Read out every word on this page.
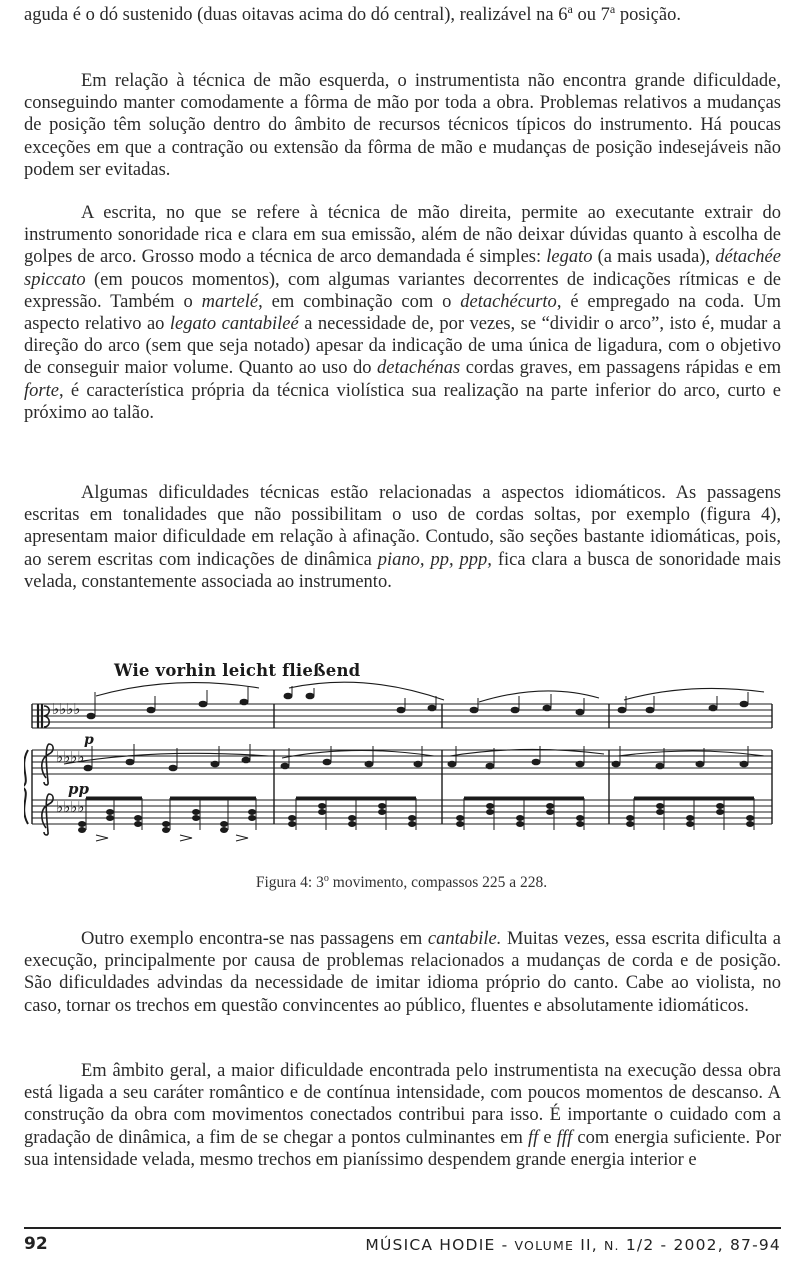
aguda é o dó sustenido (duas oitavas acima do dó central), realizável na 6$^a$ ou 7$^a$ posição.

Em relação à técnica de mão esquerda, o instrumentista não encontra grande dificuldade, conseguindo manter comodamente a fôrma de mão por toda a obra. Problemas relativos a mudanças de posição têm solução dentro do âmbito de recursos técnicos típicos do instrumento. Há poucas exceções em que a contração ou extensão da fôrma de mão e mudanças de posição indesejáveis não podem ser evitadas.

A escrita, no que se refere à técnica de mão direita, permite ao executante extrair do instrumento sonoridade rica e clara em sua emissão, além de não deixar dúvidas quanto à escolha de golpes de arco. Grosso modo a técnica de arco demandada é simples: legato (a mais usada), détachée spiccato (em poucos momentos), com algumas variantes decorrentes de indicações rítmicas e de expressão. Também o martelé, em combinação com o detachécurto, é empregado na coda. Um aspecto relativo ao legato cantabileé a necessidade de, por vezes, se “dividir o arco”, isto é, mudar a direção do arco (sem que seja notado) apesar da indicação de uma única de ligadura, com o objetivo de conseguir maior volume. Quanto ao uso do detachénas cordas graves, em passagens rápidas e em forte, é característica própria da técnica violística sua realização na parte inferior do arco, curto e próximo ao talão.

Algumas dificuldades técnicas estão relacionadas a aspectos idiomáticos. As passagens escritas em tonalidades que não possibilitam o uso de cordas soltas, por exemplo (figura 4), apresentam maior dificuldade em relação à afinação. Contudo, são seções bastante idiomáticas, pois, ao serem escritas com indicações de dinâmica piano, pp, ppp, fica clara a busca de sonoridade mais velada, constantemente associada ao instrumento.

Wie vorhin leicht fließend
♭♭♭♭
♭♭♭♭
♭♭♭♭
p
pp
Figura 4: 3$^o$ movimento, compassos 225 a 228.

Outro exemplo encontra-se nas passagens em cantabile. Muitas vezes, essa escrita dificulta a execução, principalmente por causa de problemas relacionados a mudanças de corda e de posição. São dificuldades advindas da necessidade de imitar idioma próprio do canto. Cabe ao violista, no caso, tornar os trechos em questão convincentes ao público, fluentes e absolutamente idiomáticos.

Em âmbito geral, a maior dificuldade encontrada pelo instrumentista na execução dessa obra está ligada a seu caráter romântico e de contínua intensidade, com poucos momentos de descanso. A construção da obra com movimentos conectados contribui para isso. É importante o cuidado com a gradação de dinâmica, a fim de se chegar a pontos culminantes em ff e fff com energia suficiente. Por sua intensidade velada, mesmo trechos em pianíssimo despendem grande energia interior e

92	MÚSICA HODIE - VOLUME II, N. 1/2 - 2002, 87-94
